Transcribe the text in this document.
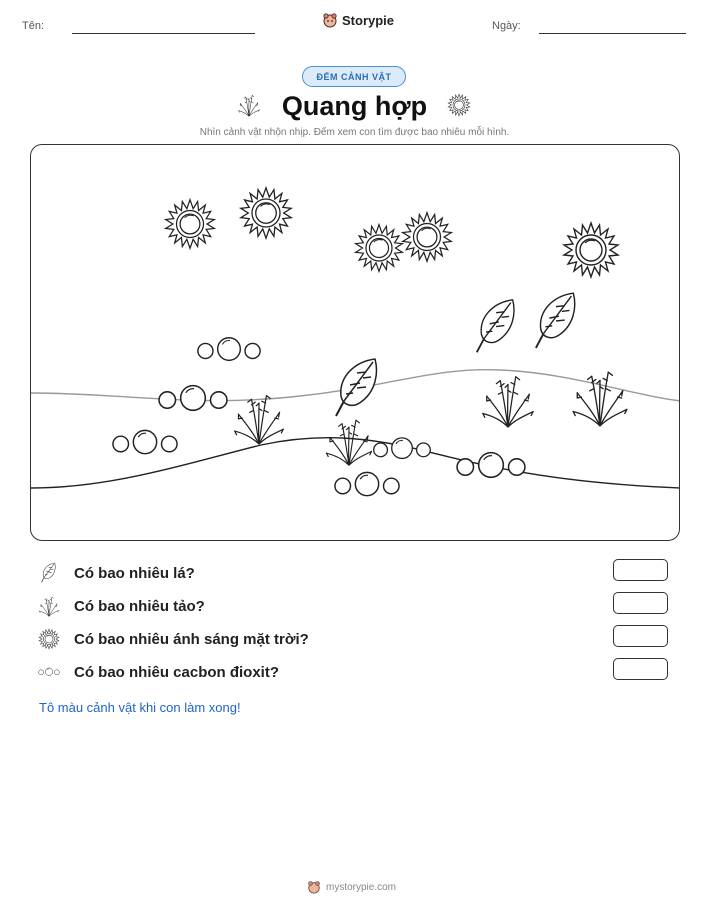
Tên:	Storypie	Ngày:
ĐẾM CẢNH VẬT
Quang hợp
Nhìn cảnh vật nhộn nhịp. Đếm xem con tìm được bao nhiêu mỗi hình.
Có bao nhiêu lá?
Có bao nhiêu tảo?
Có bao nhiêu ánh sáng mặt trời?
Có bao nhiêu cacbon đioxit?
Tô màu cảnh vật khi con làm xong!
mystorypie.com
